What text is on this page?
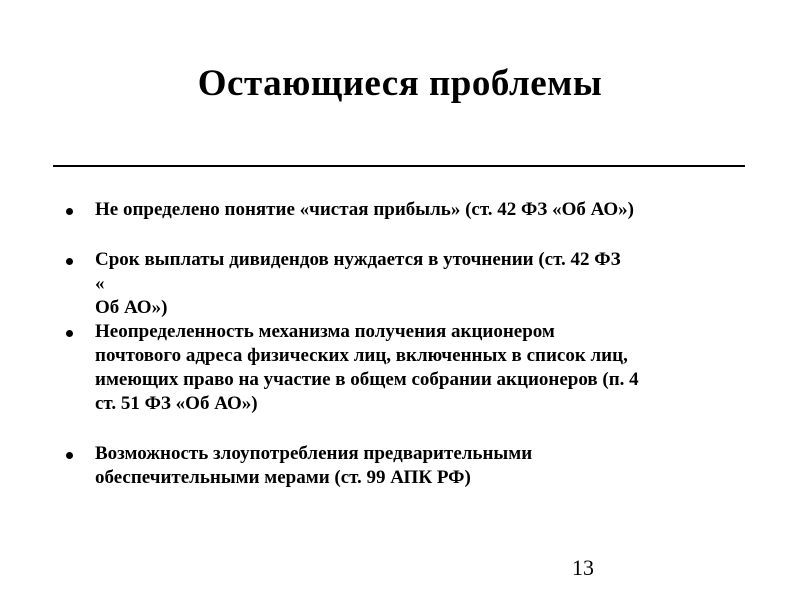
Остающиеся проблемы
Не определено понятие «чистая прибыль» (ст. 42 ФЗ «Об АО»)
Срок выплаты дивидендов нуждается в уточнении (ст. 42 ФЗ
«
Об АО»)
Неопределенность механизма получения акционером
почтового адреса физических лиц, включенных в список лиц,
имеющих право на участие в общем собрании акционеров (п. 4
ст. 51 ФЗ «Об АО»)
Возможность злоупотребления предварительными
обеспечительными мерами (ст. 99 АПК РФ)
13
